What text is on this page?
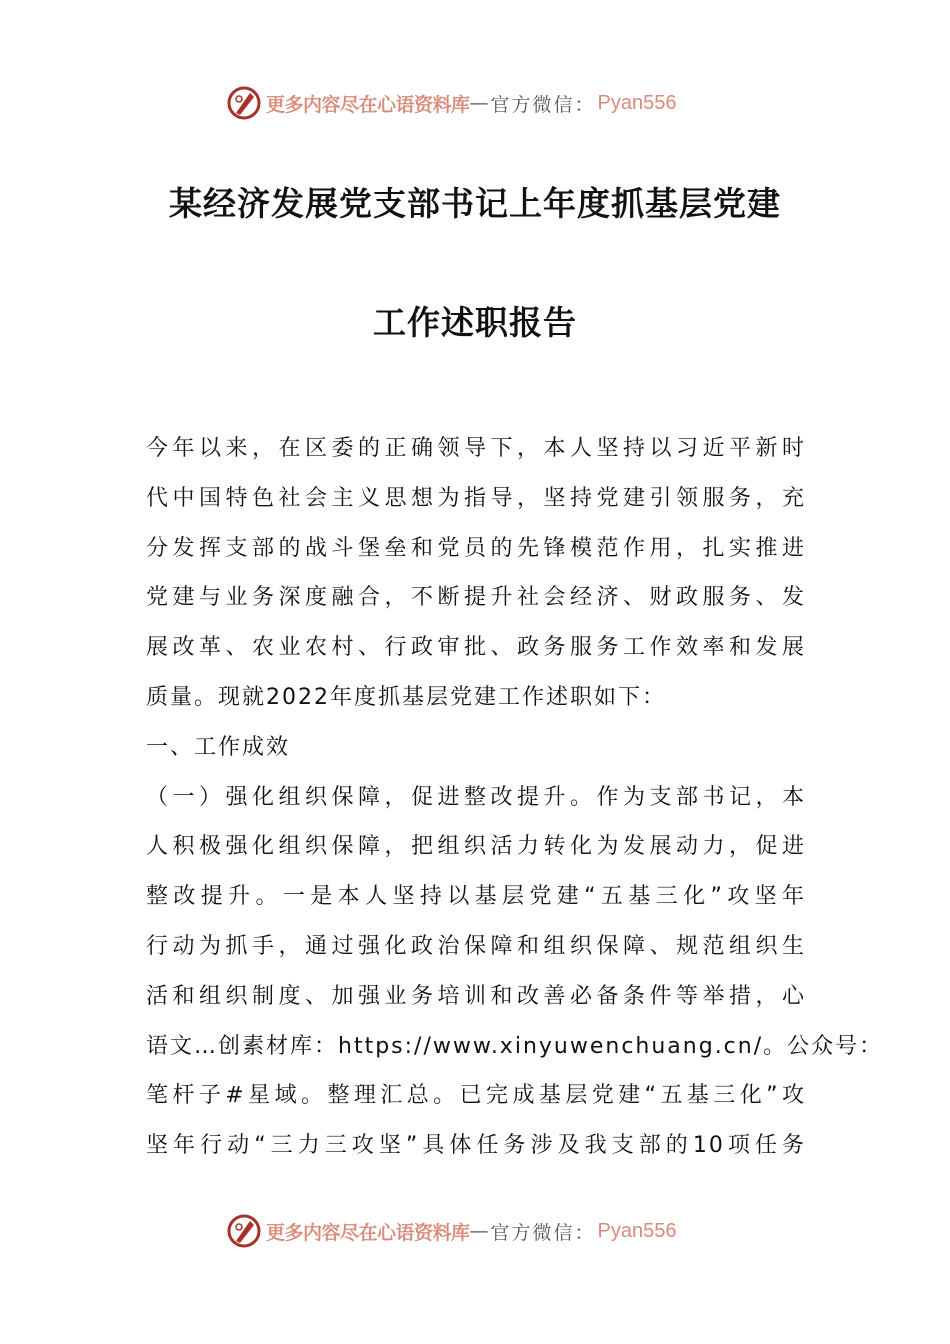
更多内容尽在心语资料库 — 官方微信： Pyan556
某经济发展党支部书记上年度抓基层党建
工作述职报告
今年以来，在区委的正确领导下，本人坚持以习近平新时
代中国特色社会主义思想为指导，坚持党建引领服务，充
分发挥支部的战斗堡垒和党员的先锋模范作用，扎实推进
党建与业务深度融合，不断提升社会经济、财政服务、发
展改革、农业农村、行政审批、政务服务工作效率和发展
质量。现就2022年度抓基层党建工作述职如下：
一、工作成效
（一）强化组织保障，促进整改提升。作为支部书记，本
人积极强化组织保障，把组织活力转化为发展动力，促进
整改提升。一是本人坚持以基层党建“五基三化”攻坚年
行动为抓手，通过强化政治保障和组织保障、规范组织生
活和组织制度、加强业务培训和改善必备条件等举措，心
语文…创素材库：https://www.xinyuwenchuang.cn/。公众号：
笔杆子#星域。整理汇总。已完成基层党建“五基三化”攻
坚年行动“三力三攻坚”具体任务涉及我支部的10项任务
更多内容尽在心语资料库 — 官方微信： Pyan556
